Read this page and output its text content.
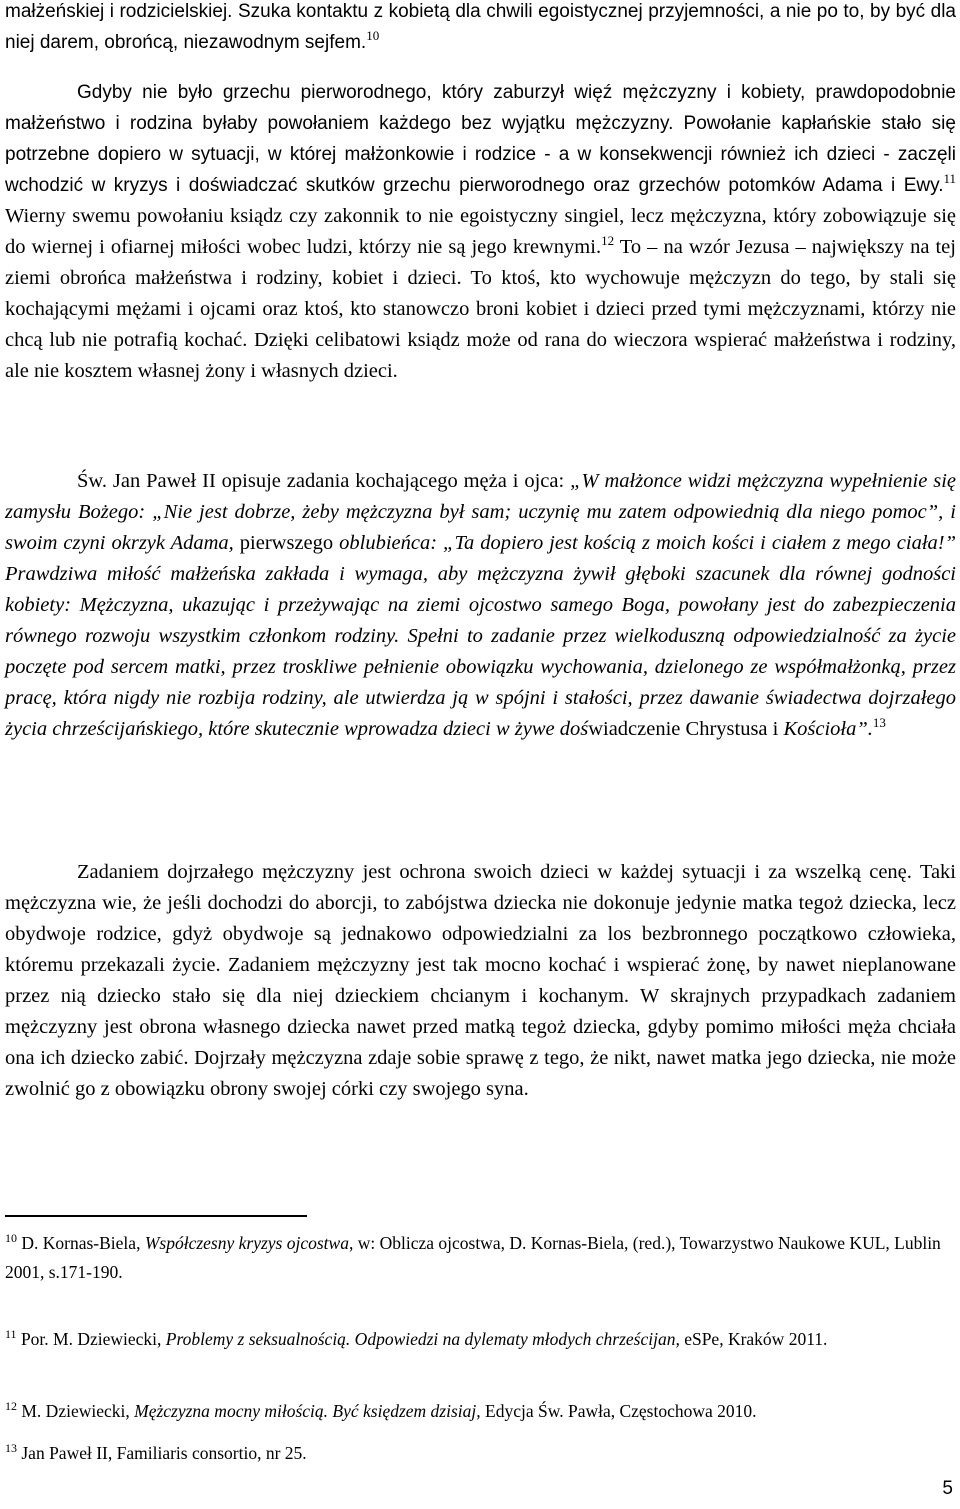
małżeńskiej i rodzicielskiej. Szuka kontaktu z kobietą dla chwili egoistycznej przyjemności, a nie po to, by być dla niej darem, obrońcą, niezawodnym sejfem.$^{10}$

Gdyby nie było grzechu pierworodnego, który zaburzył więź mężczyzny i kobiety, prawdopodobnie małżeństwo i rodzina byłaby powołaniem każdego bez wyjątku mężczyzny. Powołanie kapłańskie stało się potrzebne dopiero w sytuacji, w której małżonkowie i rodzice - a w konsekwencji również ich dzieci - zaczęli wchodzić w kryzys i doświadczać skutków grzechu pierworodnego oraz grzechów potomków Adama i Ewy.$^{11}$ Wierny swemu powołaniu ksiądz czy zakonnik to nie egoistyczny singiel, lecz mężczyzna, który zobowiązuje się do wiernej i ofiarnej miłości wobec ludzi, którzy nie są jego krewnymi.$^{12}$ To – na wzór Jezusa – największy na tej ziemi obrońca małżeństwa i rodziny, kobiet i dzieci. To ktoś, kto wychowuje mężczyzn do tego, by stali się kochającymi mężami i ojcami oraz ktoś, kto stanowczo broni kobiet i dzieci przed tymi mężczyznami, którzy nie chcą lub nie potrafią kochać. Dzięki celibatowi ksiądz może od rana do wieczora wspierać małżeństwa i rodziny, ale nie kosztem własnej żony i własnych dzieci.

Św. Jan Paweł II opisuje zadania kochającego męża i ojca: „W małżonce widzi mężczyzna wypełnienie się zamysłu Bożego: „Nie jest dobrze, żeby mężczyzna był sam; uczynię mu zatem odpowiednią dla niego pomoc”, i swoim czyni okrzyk Adama, pierwszego oblubieńca: „Ta dopiero jest kością z moich kości i ciałem z mego ciała!” Prawdziwa miłość małżeńska zakłada i wymaga, aby mężczyzna żywił głęboki szacunek dla równej godności kobiety: Mężczyzna, ukazując i przeżywając na ziemi ojcostwo samego Boga, powołany jest do zabezpieczenia równego rozwoju wszystkim członkom rodziny. Spełni to zadanie przez wielkoduszną odpowiedzialność za życie poczęte pod sercem matki, przez troskliwe pełnienie obowiązku wychowania, dzielonego ze współmałżonką, przez pracę, która nigdy nie rozbija rodziny, ale utwierdza ją w spójni i stałości, przez dawanie świadectwa dojrzałego życia chrześcijańskiego, które skutecznie wprowadza dzieci w żywe doświadczenie Chrystusa i Kościoła”.$^{13}$

Zadaniem dojrzałego mężczyzny jest ochrona swoich dzieci w każdej sytuacji i za wszelką cenę. Taki mężczyzna wie, że jeśli dochodzi do aborcji, to zabójstwa dziecka nie dokonuje jedynie matka tegoż dziecka, lecz obydwoje rodzice, gdyż obydwoje są jednakowo odpowiedzialni za los bezbronnego początkowo człowieka, któremu przekazali życie. Zadaniem mężczyzny jest tak mocno kochać i wspierać żonę, by nawet nieplanowane przez nią dziecko stało się dla niej dzieckiem chcianym i kochanym. W skrajnych przypadkach zadaniem mężczyzny jest obrona własnego dziecka nawet przed matką tegoż dziecka, gdyby pomimo miłości męża chciała ona ich dziecko zabić. Dojrzały mężczyzna zdaje sobie sprawę z tego, że nikt, nawet matka jego dziecka, nie może zwolnić go z obowiązku obrony swojej córki czy swojego syna.

$^{10}$ D. Kornas-Biela, Współczesny kryzys ojcostwa, w: Oblicza ojcostwa, D. Kornas-Biela, (red.), Towarzystwo Naukowe KUL, Lublin 2001, s.171-190.

$^{11}$ Por. M. Dziewiecki, Problemy z seksualnością. Odpowiedzi na dylematy młodych chrześcijan, eSPe, Kraków 2011.

$^{12}$ M. Dziewiecki, Mężczyzna mocny miłością. Być księdzem dzisiaj, Edycja Św. Pawła, Częstochowa 2010.

$^{13}$ Jan Paweł II, Familiaris consortio, nr 25.

5
